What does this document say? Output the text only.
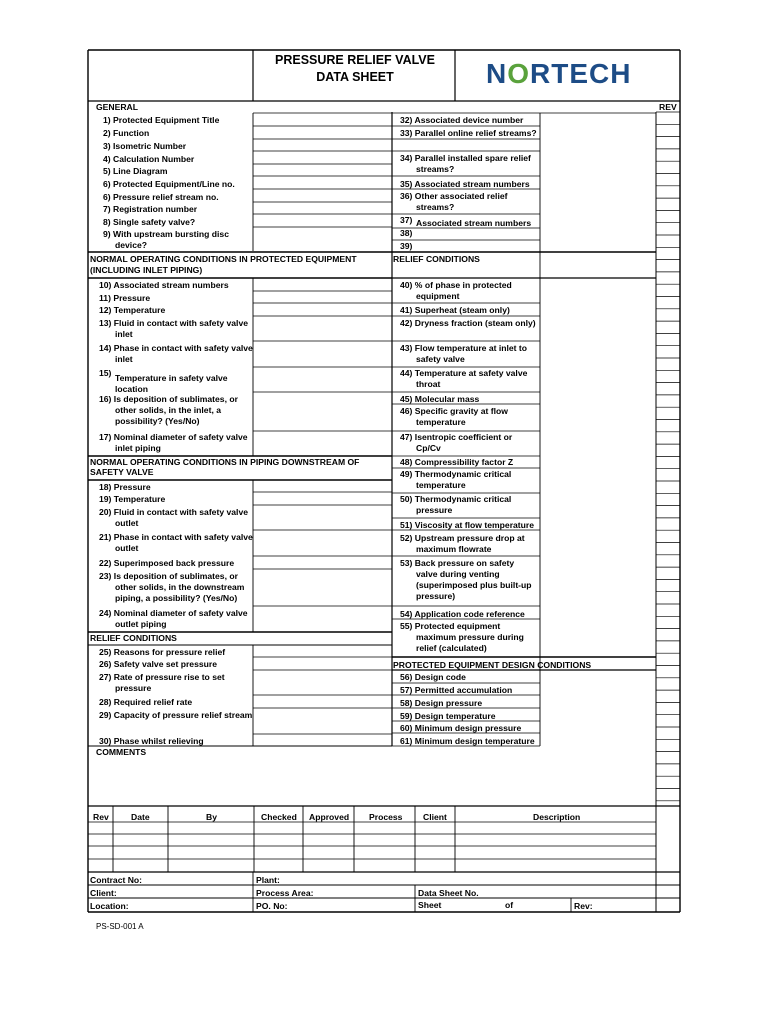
PRESSURE RELIEF VALVE
DATA SHEET	NORTECH
REV
GENERAL
1) Protected Equipment Title
2) Function
3) Isometric Number
4) Calculation Number
5) Line Diagram
6) Protected Equipment/Line no.
6) Pressure relief stream no.
7) Registration number
8) Single safety valve?
9) With upstream bursting disc
device?
NORMAL OPERATING CONDITIONS IN PROTECTED EQUIPMENT
(INCLUDING INLET PIPING)
10) Associated stream numbers
11) Pressure
12) Temperature
13) Fluid in contact with safety valve
inlet
14) Phase in contact with safety valve
inlet
15) Temperature in safety valve
location
16) Is deposition of sublimates, or
other solids, in the inlet, a
possibility? (Yes/No)
17) Nominal diameter of safety valve
inlet piping
NORMAL OPERATING CONDITIONS IN PIPING DOWNSTREAM OF
SAFETY VALVE
18) Pressure
19) Temperature
20) Fluid in contact with safety valve
outlet
21) Phase in contact with safety valve
outlet
22) Superimposed back pressure
23) Is deposition of sublimates, or
other solids, in the downstream
piping, a possibility? (Yes/No)
24) Nominal diameter of safety valve
outlet piping
RELIEF CONDITIONS
25) Reasons for pressure relief
26) Safety valve set pressure
27) Rate of pressure rise to set
pressure
28) Required relief rate
29) Capacity of pressure relief stream
30) Phase whilst relieving
COMMENTS
32) Associated device number
33) Parallel online relief streams?
34) Parallel installed spare relief
streams?
35) Associated stream numbers
36) Other associated relief
streams?
37) Associated stream numbers
38)
39)
RELIEF CONDITIONS
40) % of phase in protected
equipment
41) Superheat (steam only)
42) Dryness fraction (steam only)
43) Flow temperature at inlet to
safety valve
44) Temperature at safety valve
throat
45) Molecular mass
46) Specific gravity at flow
temperature
47) Isentropic coefficient or
Cp/Cv
48) Compressibility factor Z
49) Thermodynamic critical
temperature
50) Thermodynamic critical
pressure
51) Viscosity at flow temperature
52) Upstream pressure drop at
maximum flowrate
53) Back pressure on safety
valve during venting
(superimposed plus built-up
pressure)
54) Application code reference
55) Protected equipment
maximum pressure during
relief (calculated)
PROTECTED EQUIPMENT DESIGN CONDITIONS
56) Design code
57) Permitted accumulation
58) Design pressure
59) Design temperature
60) Minimum design pressure
61) Minimum design temperature
Rev	Date	By	Checked Approved Process Client	Description
Contract No:	Plant:
Client:	Process Area:	Data Sheet No.
Location:	PO. No:	Sheet	of	Rev:
PS-SD-001 A
